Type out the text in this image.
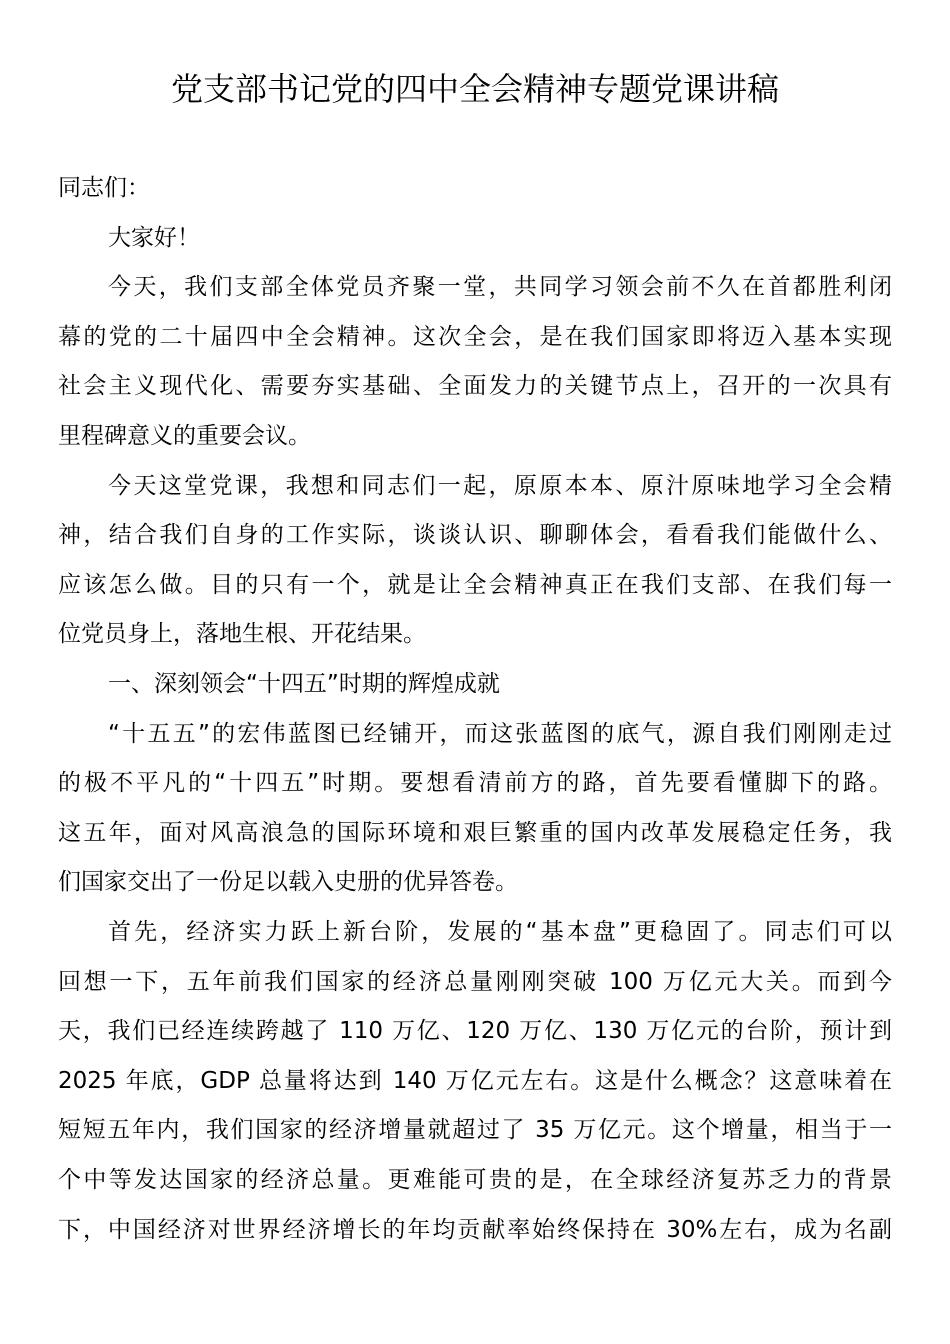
党支部书记党的四中全会精神专题党课讲稿
同志们：
大家好！
今天，我们支部全体党员齐聚一堂，共同学习领会前不久在首都胜利闭
幕的党的二十届四中全会精神。这次全会，是在我们国家即将迈入基本实现
社会主义现代化、需要夯实基础、全面发力的关键节点上，召开的一次具有
里程碑意义的重要会议。
今天这堂党课，我想和同志们一起，原原本本、原汁原味地学习全会精
神，结合我们自身的工作实际，谈谈认识、聊聊体会，看看我们能做什么、
应该怎么做。目的只有一个，就是让全会精神真正在我们支部、在我们每一
位党员身上，落地生根、开花结果。
一、深刻领会“十四五”时期的辉煌成就
“十五五”的宏伟蓝图已经铺开，而这张蓝图的底气，源自我们刚刚走过
的极不平凡的“十四五”时期。要想看清前方的路，首先要看懂脚下的路。
这五年，面对风高浪急的国际环境和艰巨繁重的国内改革发展稳定任务，我
们国家交出了一份足以载入史册的优异答卷。
首先，经济实力跃上新台阶，发展的“基本盘”更稳固了。同志们可以
回想一下，五年前我们国家的经济总量刚刚突破 100 万亿元大关。而到今
天，我们已经连续跨越了 110 万亿、120 万亿、130 万亿元的台阶，预计到
2025 年底，GDP 总量将达到 140 万亿元左右。这是什么概念？这意味着在
短短五年内，我们国家的经济增量就超过了 35 万亿元。这个增量，相当于一
个中等发达国家的经济总量。更难能可贵的是，在全球经济复苏乏力的背景
下，中国经济对世界经济增长的年均贡献率始终保持在 30%左右，成为名副
